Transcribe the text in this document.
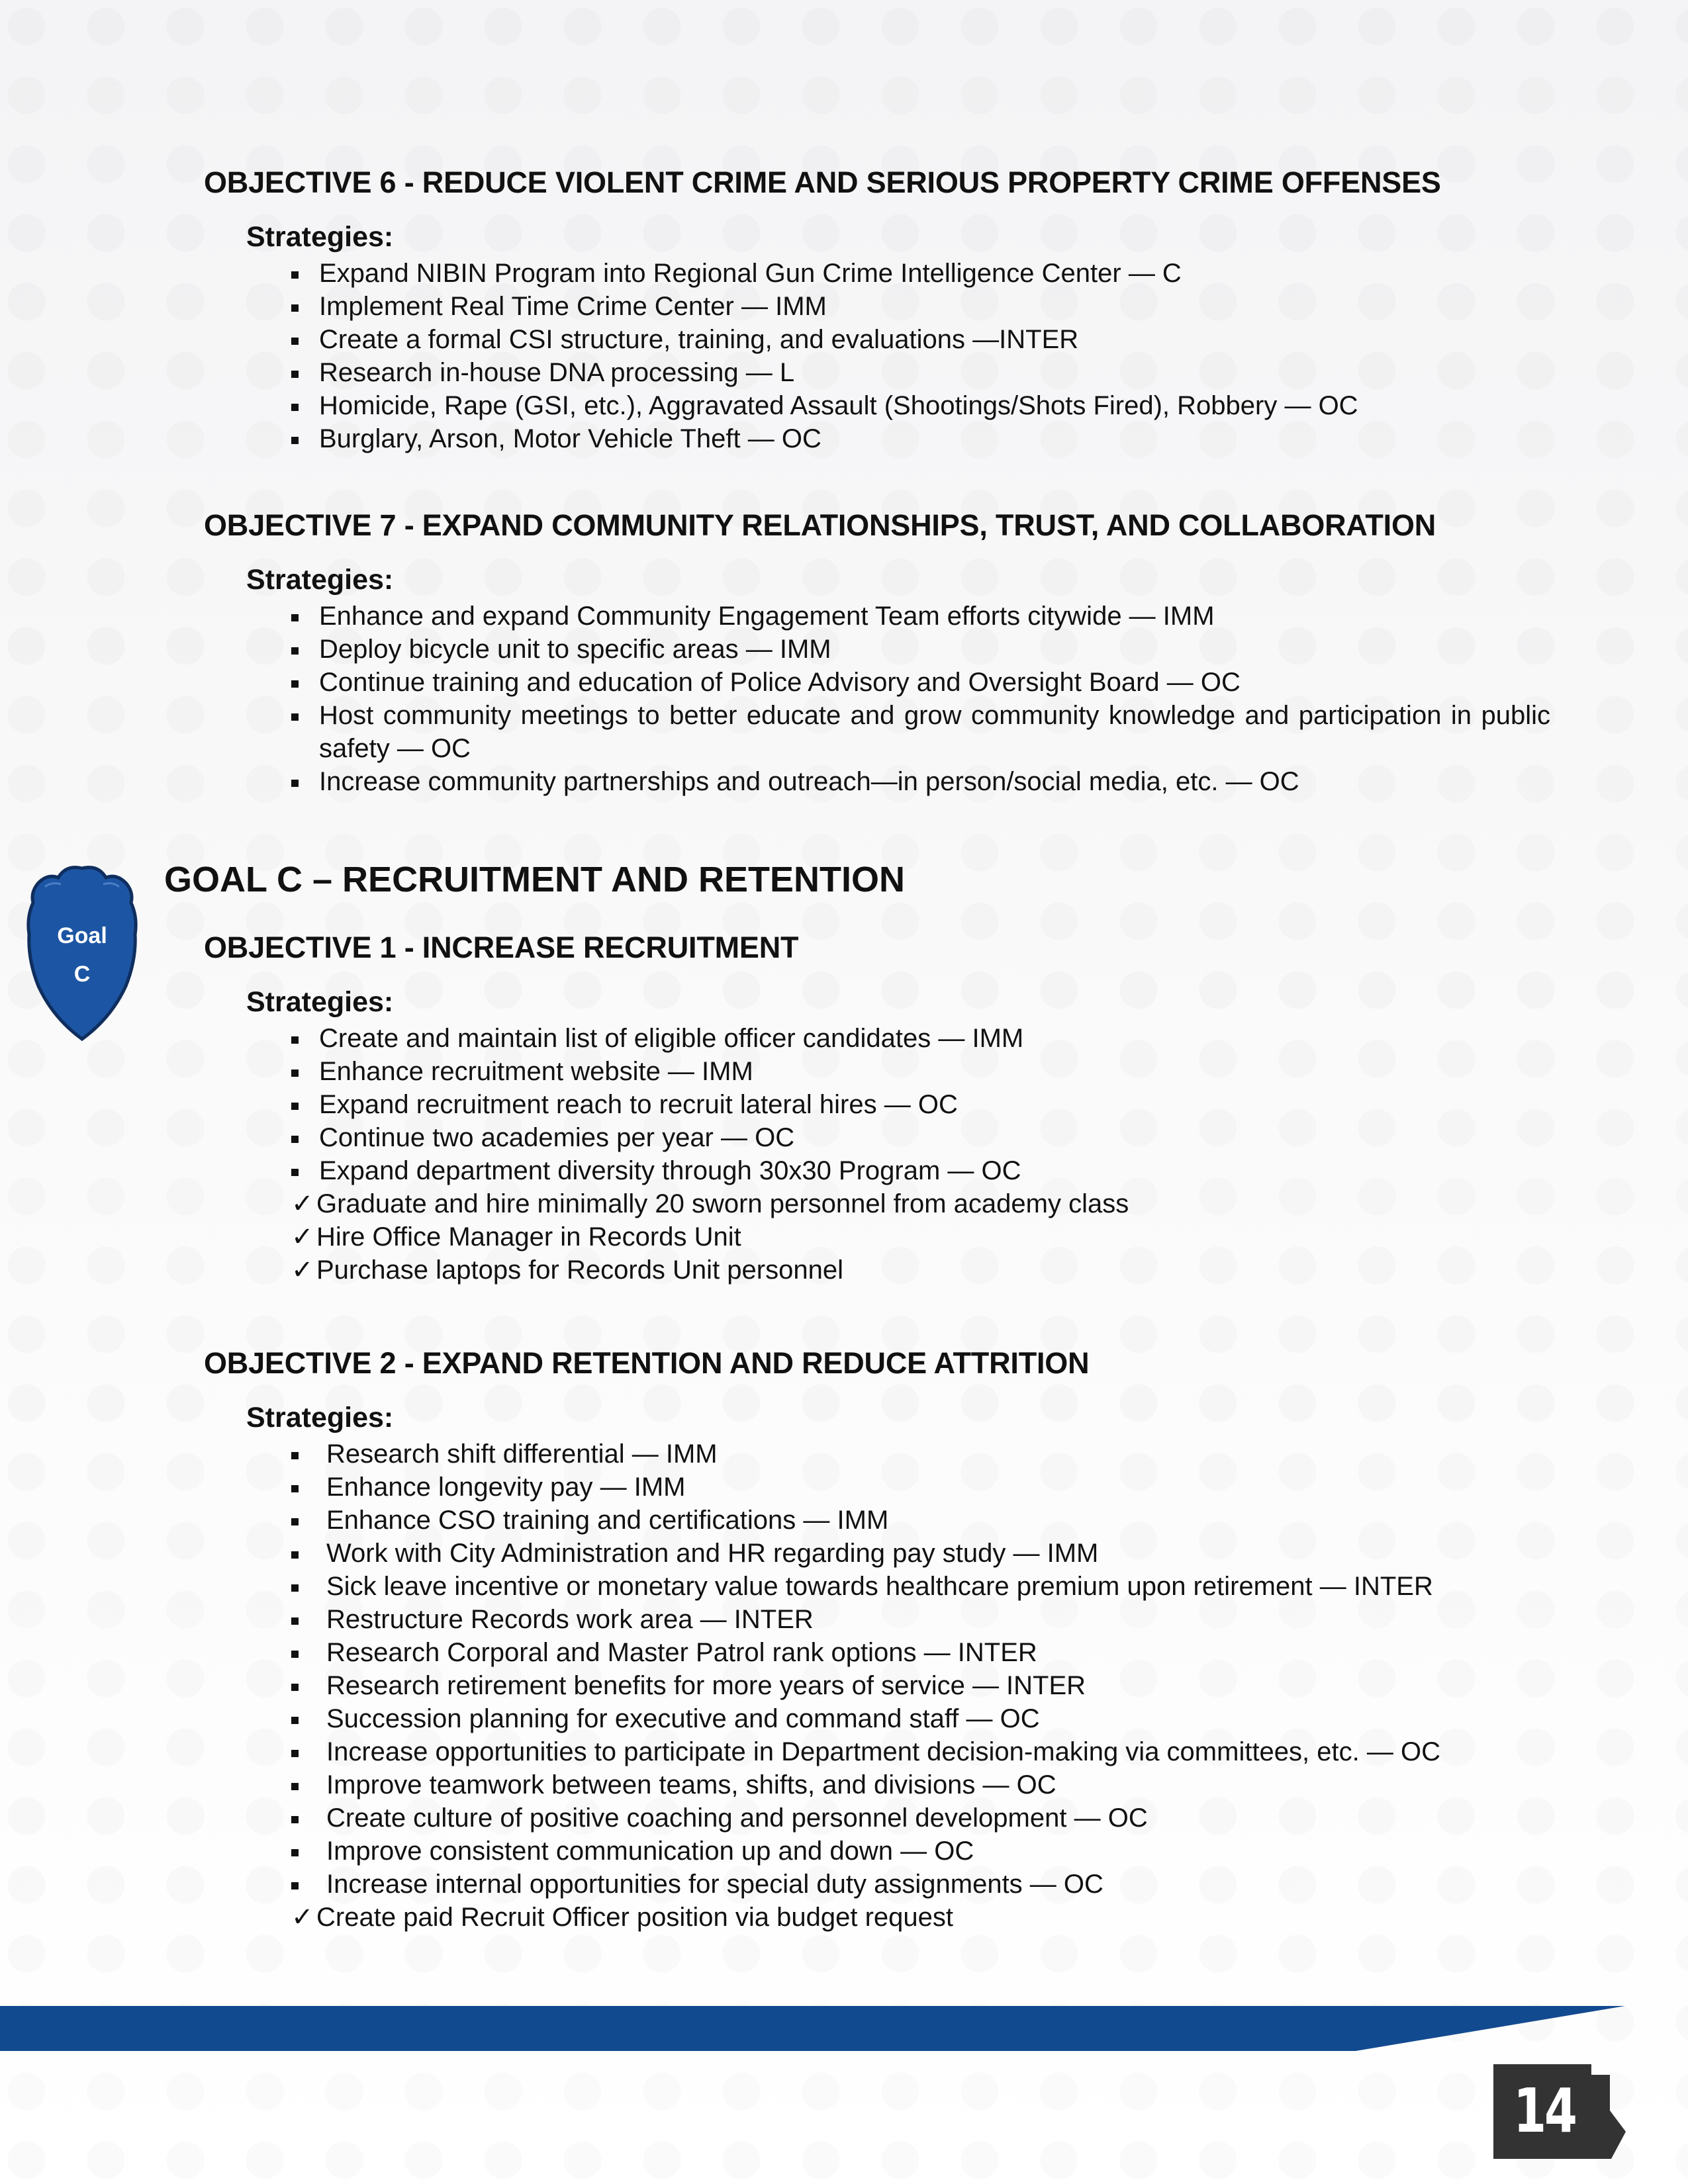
OBJECTIVE 6 - REDUCE VIOLENT CRIME AND SERIOUS PROPERTY CRIME OFFENSES
Strategies:
Expand NIBIN Program into Regional Gun Crime Intelligence Center — C
Implement Real Time Crime Center — IMM
Create a formal CSI structure, training, and evaluations —INTER
Research in-house DNA processing — L
Homicide, Rape (GSI, etc.), Aggravated Assault (Shootings/Shots Fired), Robbery — OC
Burglary, Arson, Motor Vehicle Theft — OC
OBJECTIVE 7 - EXPAND COMMUNITY RELATIONSHIPS, TRUST, AND COLLABORATION
Strategies:
Enhance and expand Community Engagement Team efforts citywide — IMM
Deploy bicycle unit to specific areas — IMM
Continue training and education of Police Advisory and Oversight Board — OC
Host community meetings to better educate and grow community knowledge and participation in public safety — OC
Increase community partnerships and outreach—in person/social media, etc. — OC
Goal
C
GOAL C – RECRUITMENT AND RETENTION
OBJECTIVE 1 - INCREASE RECRUITMENT
Strategies:
Create and maintain list of eligible officer candidates — IMM
Enhance recruitment website — IMM
Expand recruitment reach to recruit lateral hires — OC
Continue two academies per year — OC
Expand department diversity through 30x30 Program — OC
✓ Graduate and hire minimally 20 sworn personnel from academy class
✓ Hire Office Manager in Records Unit
✓ Purchase laptops for Records Unit personnel
OBJECTIVE 2 - EXPAND RETENTION AND REDUCE ATTRITION
Strategies:
Research shift differential — IMM
Enhance longevity pay — IMM
Enhance CSO training and certifications — IMM
Work with City Administration and HR regarding pay study — IMM
Sick leave incentive or monetary value towards healthcare premium upon retirement — INTER
Restructure Records work area — INTER
Research Corporal and Master Patrol rank options — INTER
Research retirement benefits for more years of service — INTER
Succession planning for executive and command staff — OC
Increase opportunities to participate in Department decision-making via committees, etc. — OC
Improve teamwork between teams, shifts, and divisions — OC
Create culture of positive coaching and personnel development — OC
Improve consistent communication up and down — OC
Increase internal opportunities for special duty assignments — OC
✓ Create paid Recruit Officer position via budget request
14
